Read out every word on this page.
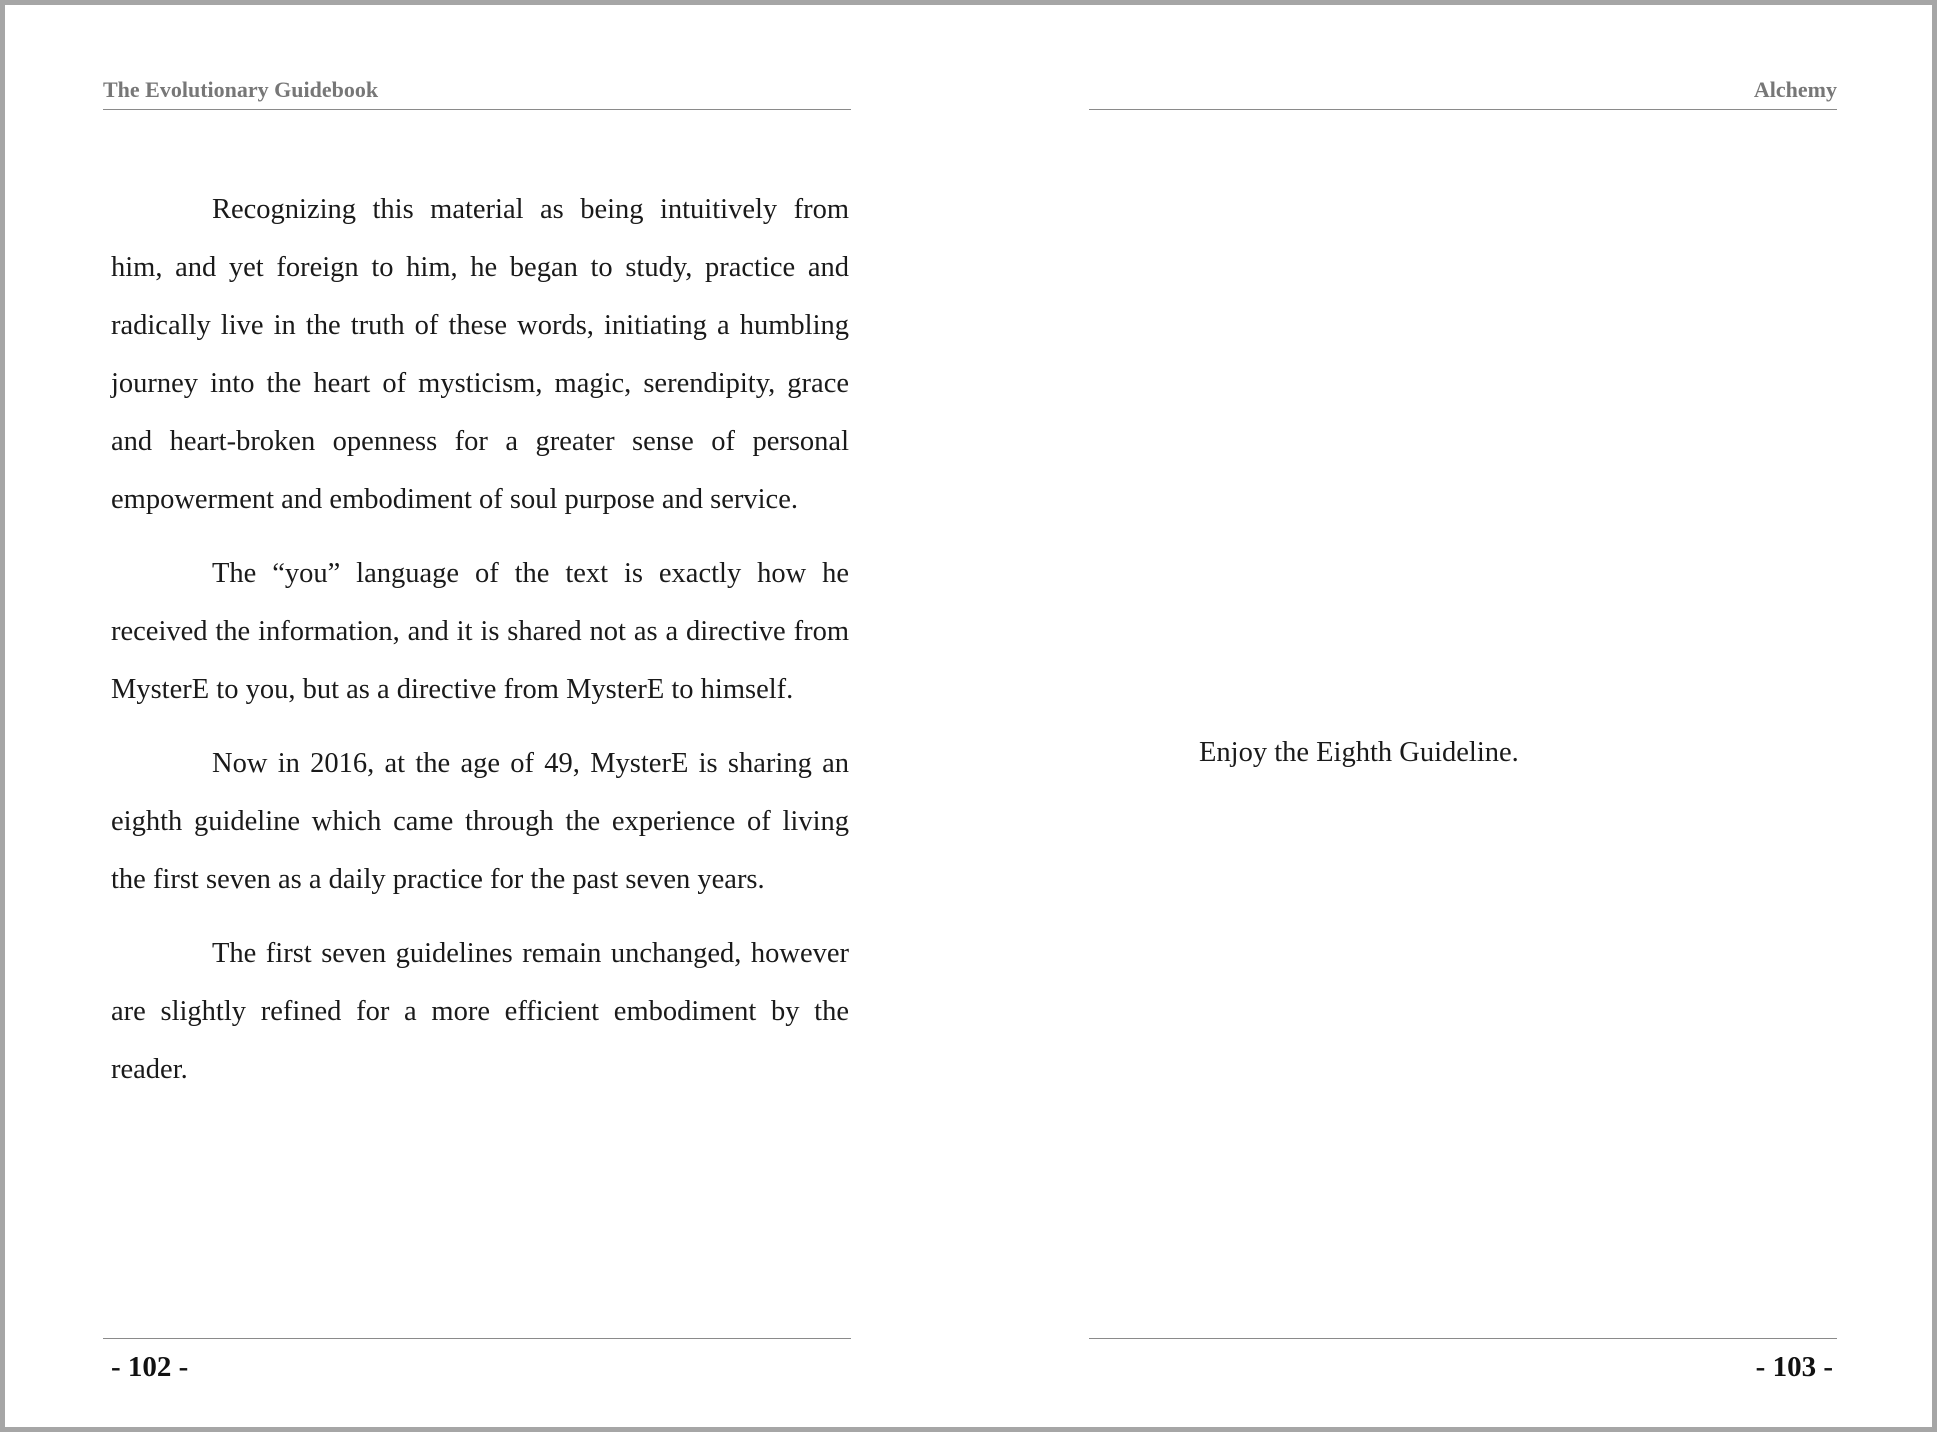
The Evolutionary Guidebook

Recognizing this material as being intuitively from him, and yet foreign to him, he began to study, practice and radically live in the truth of these words, initiating a humbling journey into the heart of mysticism, magic, serendipity, grace and heart-broken openness for a greater sense of personal empowerment and embodiment of soul purpose and service.

The “you” language of the text is exactly how he received the information, and it is shared not as a directive from MysterE to you, but as a directive from MysterE to himself.

Now in 2016, at the age of 49, MysterE is sharing an eighth guideline which came through the experience of living the first seven as a daily practice for the past seven years.

The first seven guidelines remain unchanged, however are slightly refined for a more efficient embodiment by the reader.

- 102 -
Alchemy
Enjoy the Eighth Guideline.
- 103 -
